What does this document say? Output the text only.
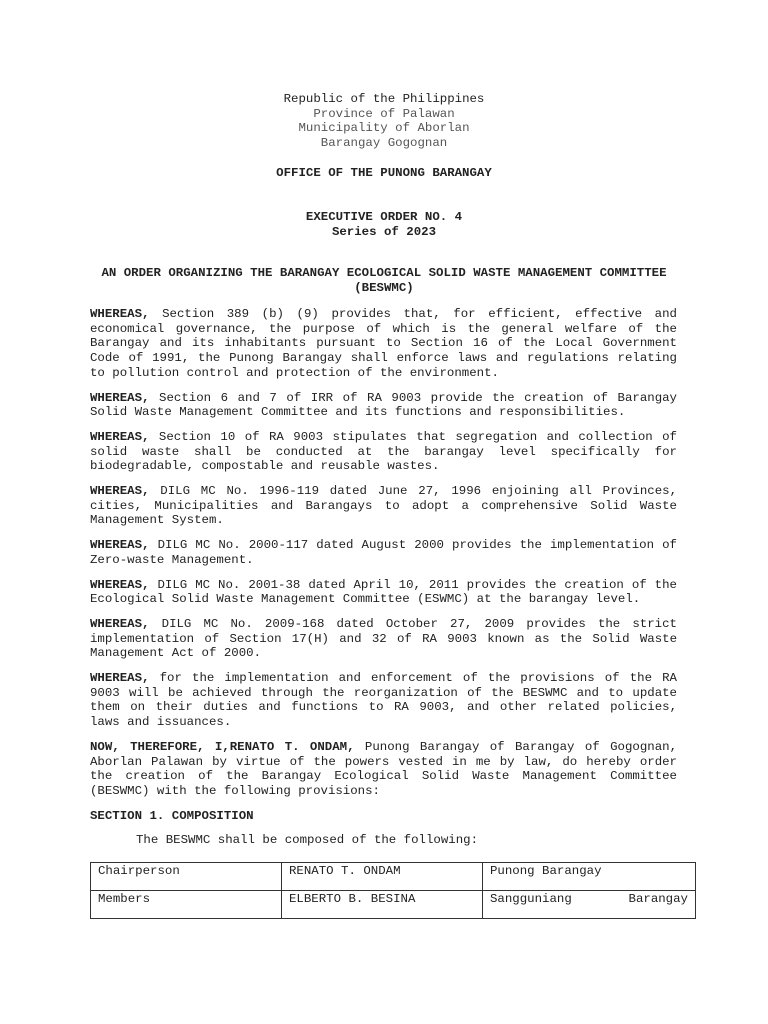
Republic of the Philippines
Province of Palawan
Municipality of Aborlan
Barangay Gogognan
OFFICE OF THE PUNONG BARANGAY
EXECUTIVE ORDER NO. 4
Series of 2023
AN ORDER ORGANIZING THE BARANGAY ECOLOGICAL SOLID WASTE MANAGEMENT COMMITTEE
(BESWMC)

WHEREAS, Section 389 (b) (9) provides that, for efficient, effective and economical governance, the purpose of which is the general welfare of the Barangay and its inhabitants pursuant to Section 16 of the Local Government Code of 1991, the Punong Barangay shall enforce laws and regulations relating to pollution control and protection of the environment.

WHEREAS, Section 6 and 7 of IRR of RA 9003 provide the creation of Barangay Solid Waste Management Committee and its functions and responsibilities.

WHEREAS, Section 10 of RA 9003 stipulates that segregation and collection of solid waste shall be conducted at the barangay level specifically for biodegradable, compostable and reusable wastes.

WHEREAS, DILG MC No. 1996-119 dated June 27, 1996 enjoining all Provinces, cities, Municipalities and Barangays to adopt a comprehensive Solid Waste Management System.

WHEREAS, DILG MC No. 2000-117 dated August 2000 provides the implementation of Zero-waste Management.

WHEREAS, DILG MC No. 2001-38 dated April 10, 2011 provides the creation of the Ecological Solid Waste Management Committee (ESWMC) at the barangay level.

WHEREAS, DILG MC No. 2009-168 dated October 27, 2009 provides the strict implementation of Section 17(H) and 32 of RA 9003 known as the Solid Waste Management Act of 2000.

WHEREAS, for the implementation and enforcement of the provisions of the RA 9003 will be achieved through the reorganization of the BESWMC and to update them on their duties and functions to RA 9003, and other related policies, laws and issuances.

NOW, THEREFORE, I,RENATO T. ONDAM, Punong Barangay of Barangay of Gogognan, Aborlan Palawan by virtue of the powers vested in me by law, do hereby order the creation of the Barangay Ecological Solid Waste Management Committee (BESWMC) with the following provisions:

SECTION 1. COMPOSITION
The BESWMC shall be composed of the following:
Chairperson	RENATO T. ONDAM	Punong Barangay
Members	ELBERTO B. BESINA	Sangguniang Barangay
